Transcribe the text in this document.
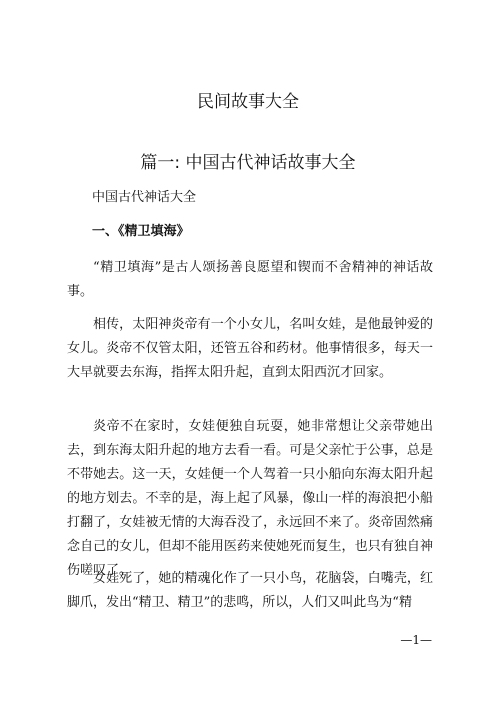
民间故事大全
篇一: 中国古代神话故事大全
中国古代神话大全
一、《精卫填海》

“精卫填海”是古人颂扬善良愿望和锲而不舍精神的神话故事。

相传，太阳神炎帝有一个小女儿，名叫女娃，是他最钟爱的女儿。炎帝不仅管太阳，还管五谷和药材。他事情很多，每天一大早就要去东海，指挥太阳升起，直到太阳西沉才回家。

炎帝不在家时，女娃便独自玩耍，她非常想让父亲带她出去，到东海太阳升起的地方去看一看。可是父亲忙于公事，总是不带她去。这一天，女娃便一个人驾着一只小船向东海太阳升起的地方划去。不幸的是，海上起了风暴，像山一样的海浪把小船打翻了，女娃被无情的大海吞没了，永远回不来了。炎帝固然痛念自己的女儿，但却不能用医药来使她死而复生，也只有独自神伤嗟叹了。

女娃死了，她的精魂化作了一只小鸟，花脑袋，白嘴壳，红脚爪，发出“精卫、精卫”的悲鸣，所以，人们又叫此鸟为“精

—1—
